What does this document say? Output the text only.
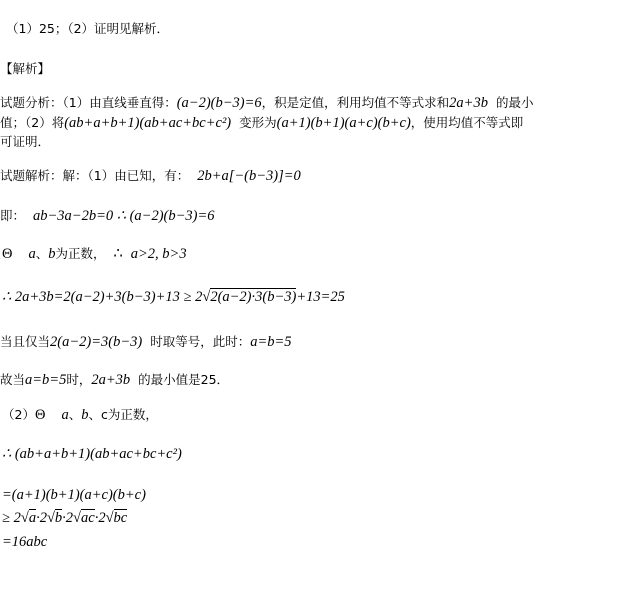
（1）25；（2）证明见解析．
【解析】
试题分析：（1）由直线垂直得：(a−2)(b−3)=6，积是定值，利用均值不等式求和2a+3b 的最小
值；（2）将(ab+a+b+1)(ab+ac+bc+c²) 变形为(a+1)(b+1)(a+c)(b+c)，使用均值不等式即
可证明．
试题解析：解：（1）由已知，有： 2b+a[−(b−3)]=0
即： ab−3a−2b=0 ∴ (a−2)(b−3)=6
Θ a、b为正数， ∴ a>2, b>3
∴ 2a+3b=2(a−2)+3(b−3)+13 ≥ 2√2(a−2)·3(b−3)+13=25
当且仅当2(a−2)=3(b−3) 时取等号，此时：a=b=5
故当a=b=5时，2a+3b 的最小值是25．
（2）Θ a、b、c为正数，
∴ (ab+a+b+1)(ab+ac+bc+c²)
=(a+1)(b+1)(a+c)(b+c)
≥ 2√a·2√b·2√ac·2√bc
=16abc
